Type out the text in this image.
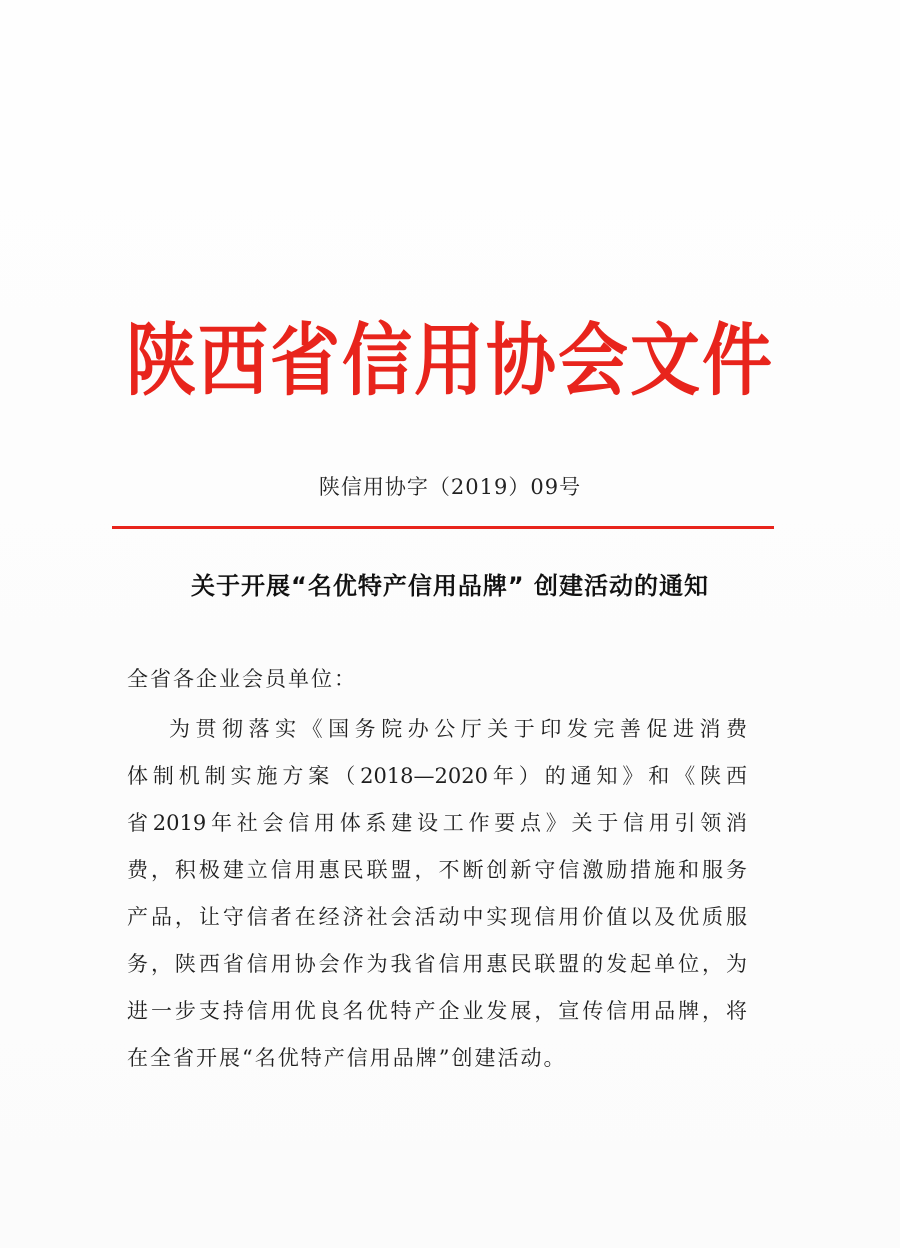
陕西省信用协会文件
陕信用协字（2019）09号
关于开展“名优特产信用品牌” 创建活动的通知
全省各企业会员单位：
为贯彻落实《国务院办公厅关于印发完善促进消费
体制机制实施方案（2018—2020年）的通知》和《陕西
省2019年社会信用体系建设工作要点》关于信用引领消
费，积极建立信用惠民联盟，不断创新守信激励措施和服务
产品，让守信者在经济社会活动中实现信用价值以及优质服
务，陕西省信用协会作为我省信用惠民联盟的发起单位，为
进一步支持信用优良名优特产企业发展，宣传信用品牌，将
在全省开展“名优特产信用品牌”创建活动。
